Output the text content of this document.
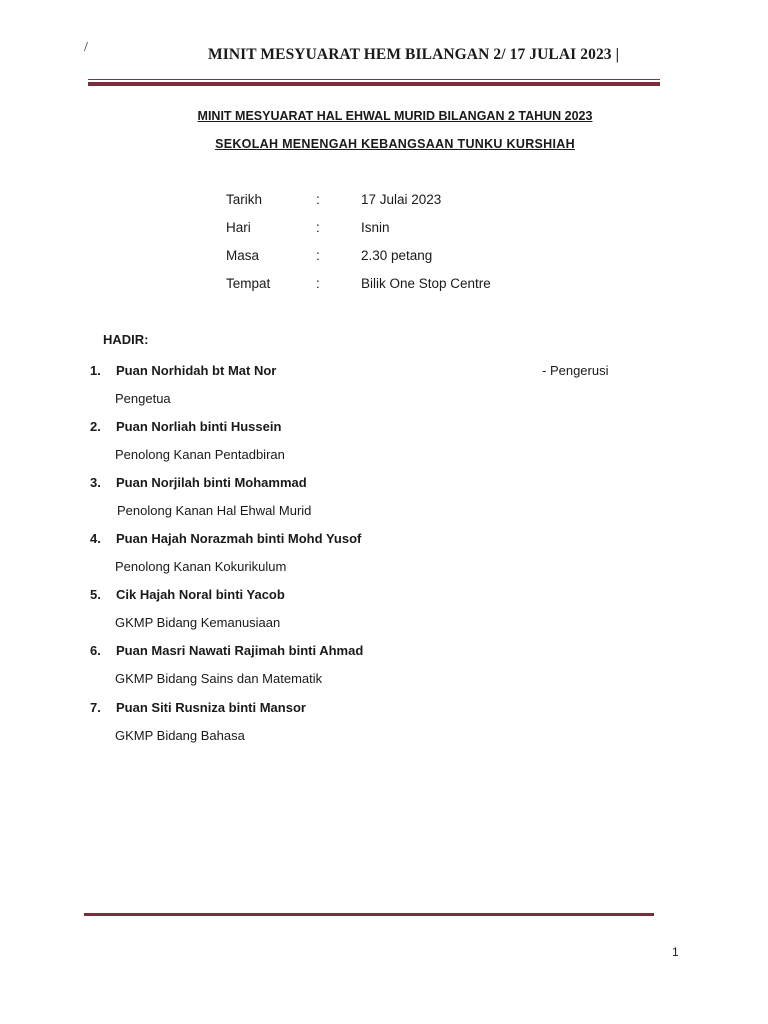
/	MINIT MESYUARAT HEM BILANGAN 2/ 17 JULAI 2023 |
MINIT MESYUARAT HAL EHWAL MURID BILANGAN 2 TAHUN 2023
SEKOLAH MENENGAH KEBANGSAAN TUNKU KURSHIAH
Tarikh	:	17 Julai 2023
Hari	:	Isnin
Masa	:	2.30 petang
Tempat	:	Bilik One Stop Centre
HADIR:
1. Puan Norhidah bt Mat Nor	- Pengerusi
Pengetua
2. Puan Norliah binti Hussein
Penolong Kanan Pentadbiran
3. Puan Norjilah binti Mohammad
Penolong Kanan Hal Ehwal Murid
4. Puan Hajah Norazmah binti Mohd Yusof
Penolong Kanan Kokurikulum
5. Cik Hajah Noral binti Yacob
GKMP Bidang Kemanusiaan
6. Puan Masri Nawati Rajimah binti Ahmad
GKMP Bidang Sains dan Matematik
7. Puan Siti Rusniza binti Mansor
GKMP Bidang Bahasa
1
